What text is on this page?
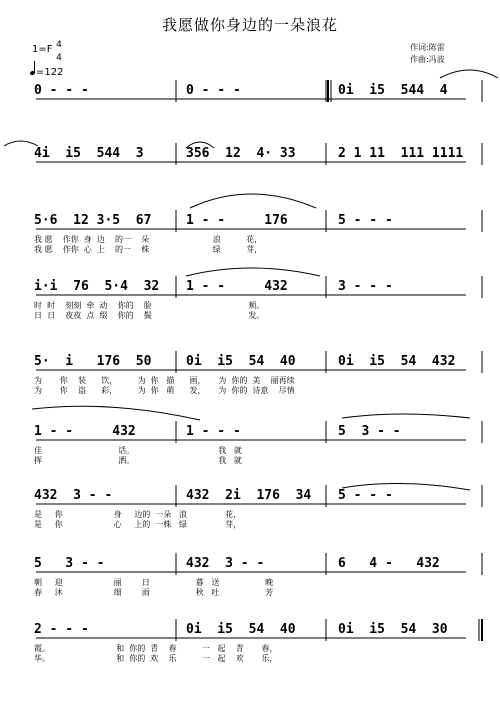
我愿做你身边的一朵浪花
作词:陈雷
作曲:冯波
1=F 4
4
=122
0 - - -	0 - - -	0i  i5  544  4
4i  i5  544  3	356  12  4· 33	2 1 11  111 1111
5·6  12 3·5  67	1 - -     176	5 - - -
我 愿    作你  身  边    的一    朵                         浪          花，
我 愿    作你  心  上    的一    株                         绿          芽，
i·i  76  5·4  32 1 - -     432	3 - - -
时  时    刻刻  牵  动    你的    脸                                      颊。
日  日    夜夜  点  缀    你的    鬓                                      发。
5·  i   176  50	0i  i5  54  40	0i  i5  54  432
为       你    装      饮，        为  你   描      画，     为  你的  美    丽再续
为       你    盗      彩，        为  你   萌      发，     为  你的  诗意    尽情
1 - -     432	1 - - -	5  3 - -
佳                              话。                                 我   就
挥                              洒。                                 我   就
432  3 - -	432  2i  176  34 5 - - -
是     你                    身     边的  一朵   浪               花，
是     你                    心     上的  一株   绿               芽，
5   3 - -	432  3 - -	6   4 -   432
朝     迎                    丽        日                  暮   送                  晚
春     沐                    细        雨                  秋   吐                  芳
2 - - -	0i  i5  54  40	0i  i5  54  30
霞。                          和  你的  青    春          一   起    青       春，
华。                          和  你的  欢    乐          一   起    欢       乐，
